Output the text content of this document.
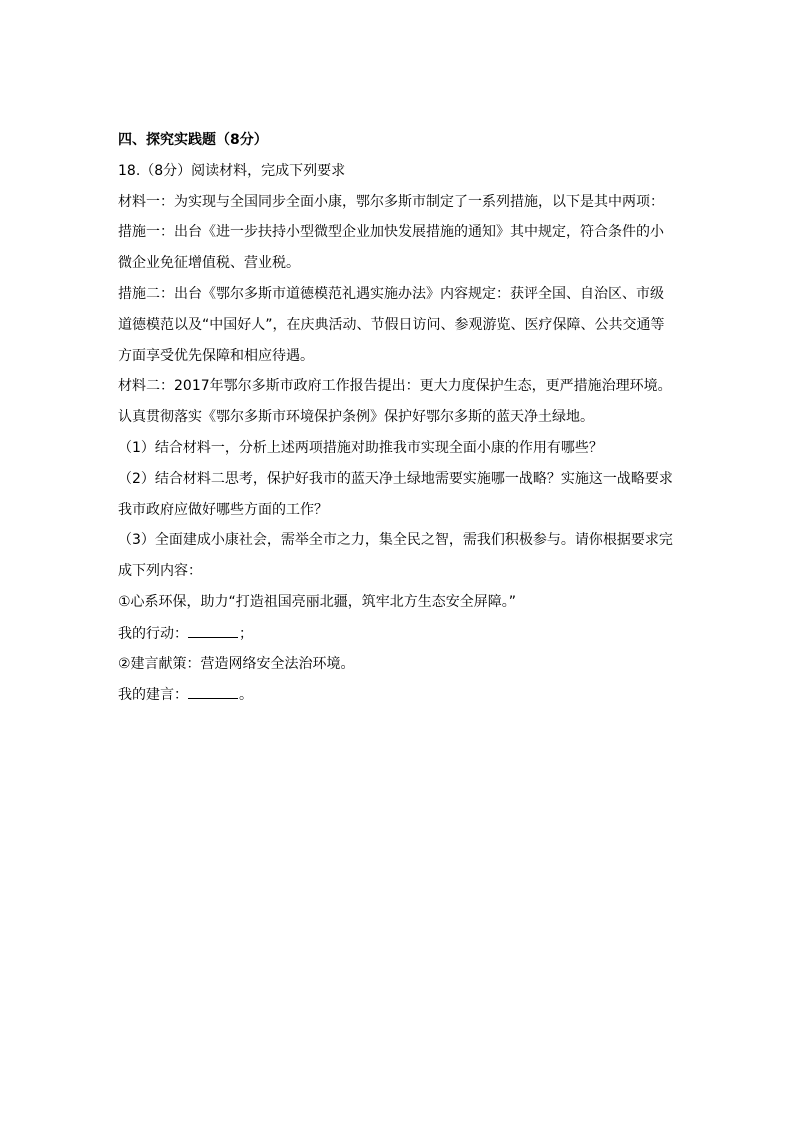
四、探究实践题（8分）
18.（8分）阅读材料，完成下列要求
材料一：为实现与全国同步全面小康，鄂尔多斯市制定了一系列措施，以下是其中两项：
措施一：出台《进一步扶持小型微型企业加快发展措施的通知》其中规定，符合条件的小
微企业免征增值税、营业税。
措施二：出台《鄂尔多斯市道德模范礼遇实施办法》内容规定：获评全国、自治区、市级
道德模范以及“中国好人”，在庆典活动、节假日访问、参观游览、医疗保障、公共交通等
方面享受优先保障和相应待遇。
材料二：2017年鄂尔多斯市政府工作报告提出：更大力度保护生态，更严措施治理环境。
认真贯彻落实《鄂尔多斯市环境保护条例》保护好鄂尔多斯的蓝天净土绿地。
（1）结合材料一，分析上述两项措施对助推我市实现全面小康的作用有哪些？
（2）结合材料二思考，保护好我市的蓝天净土绿地需要实施哪一战略？实施这一战略要求
我市政府应做好哪些方面的工作？
（3）全面建成小康社会，需举全市之力，集全民之智，需我们积极参与。请你根据要求完
成下列内容：
①心系环保，助力“打造祖国亮丽北疆，筑牢北方生态安全屏障。”
我的行动：	；
②建言献策：营造网络安全法治环境。
我的建言：	。
